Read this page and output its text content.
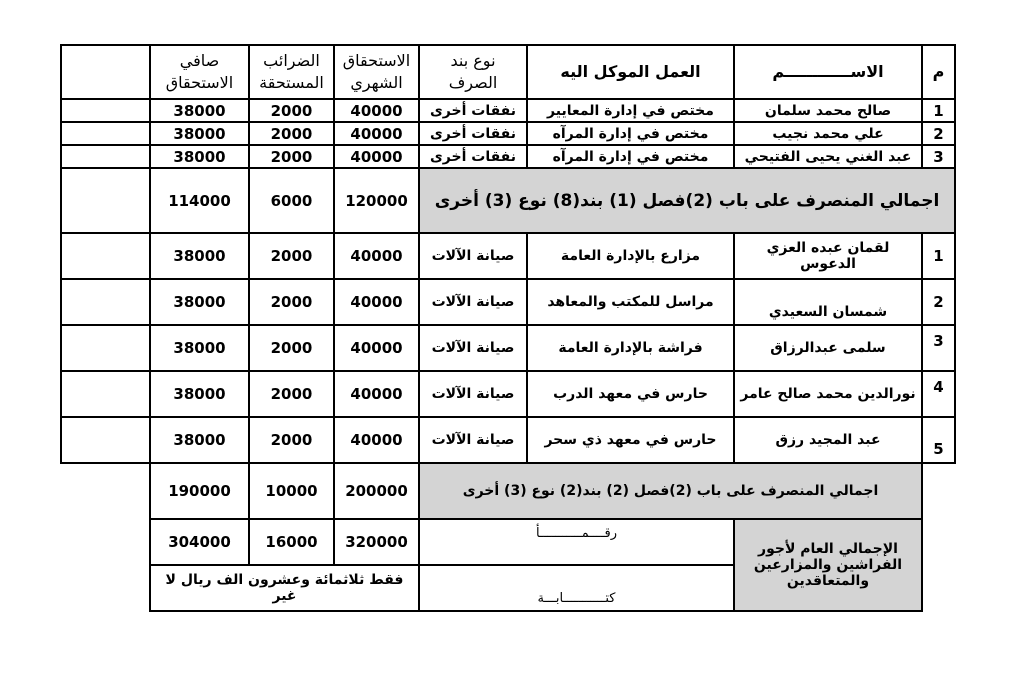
م	الاســــــــــــم	العمل الموكل اليه	نوع بند الصرف	الاستحقاق الشهري	الضرائب المستحقة	صافي الاستحقاق	
1	صالح محمد سلمان	مختص في إدارة المعايير	نفقات أخرى	40000	2000	38000	
2	علي محمد نجيب	مختص في إدارة المرآه	نفقات أخرى	40000	2000	38000	
3	عبد الغني يحيى الفتيحي	مختص في إدارة المرآه	نفقات أخرى	40000	2000	38000	
اجمالي المنصرف على باب (2)فصل (1) بند(8) نوع (3) أخرى				120000	6000	114000	
1	لقمان عبده العزي الدعوس	مزارع بالإدارة العامة	صيانة الآلات	40000	2000	38000	
2	شمسان السعيدي	مراسل للمكتب والمعاهد	صيانة الآلات	40000	2000	38000	
3	سلمى عبدالرزاق	فراشة بالإدارة العامة	صيانة الآلات	40000	2000	38000	
4	نورالدين محمد صالح عامر	حارس في معهد الدرب	صيانة الآلات	40000	2000	38000	
5	عبد المجيد رزق	حارس في معهد ذي سحر	صيانة الآلات	40000	2000	38000	
	اجمالي المنصرف على باب (2)فصل (2) بند(2) نوع (3) أخرى			200000	10000	190000	
	الإجمالي العام لأجور الفراشين والمزارعين والمتعاقدين	رقــــمـــــــــــأ		320000	16000	304000	
		كتـــــــــــابـــة		فقط ثلاثمائة وعشرون الف ريال لا غير			
